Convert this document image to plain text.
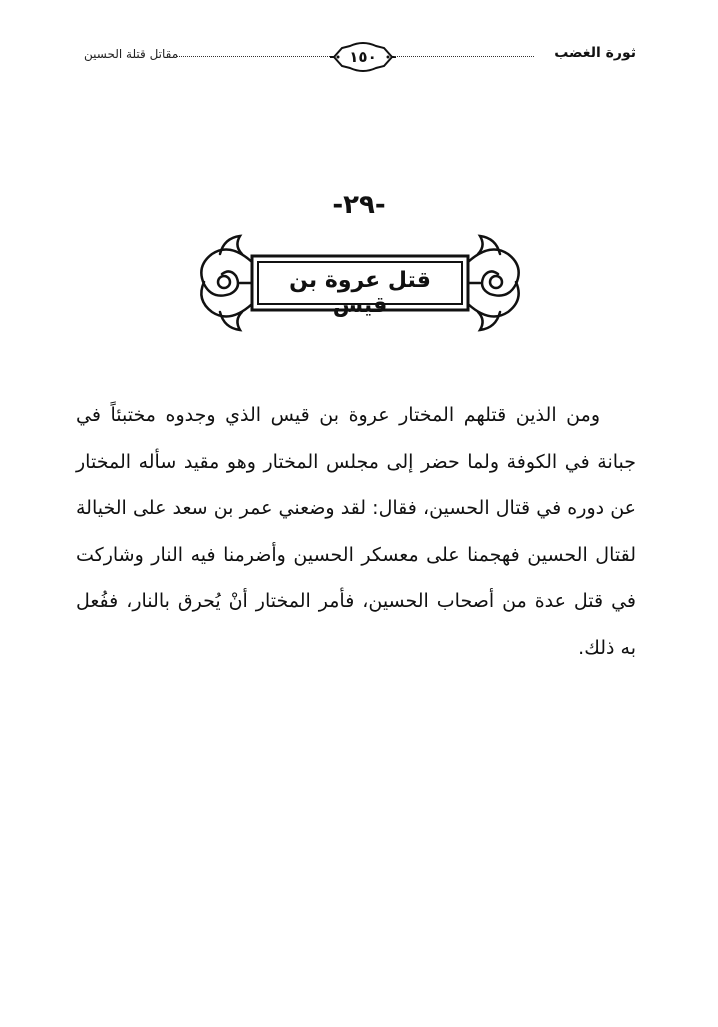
مقاتل قتلة الحسين	١٥٠	ثورة الغضب
-٢٩-
قتل عروة بن قيس

ومن الذين قتلهم المختار عروة بن قيس الذي وجدوه مختبئاً في جبانة في الكوفة ولما حضر إلى مجلس المختار وهو مقيد سأله المختار عن دوره في قتال الحسين، فقال: لقد وضعني عمر بن سعد على الخيالة لقتال الحسين فهجمنا على معسكر الحسين وأضرمنا فيه النار وشاركت في قتل عدة من أصحاب الحسين، فأمر المختار أنْ يُحرق بالنار، ففُعل به ذلك.
